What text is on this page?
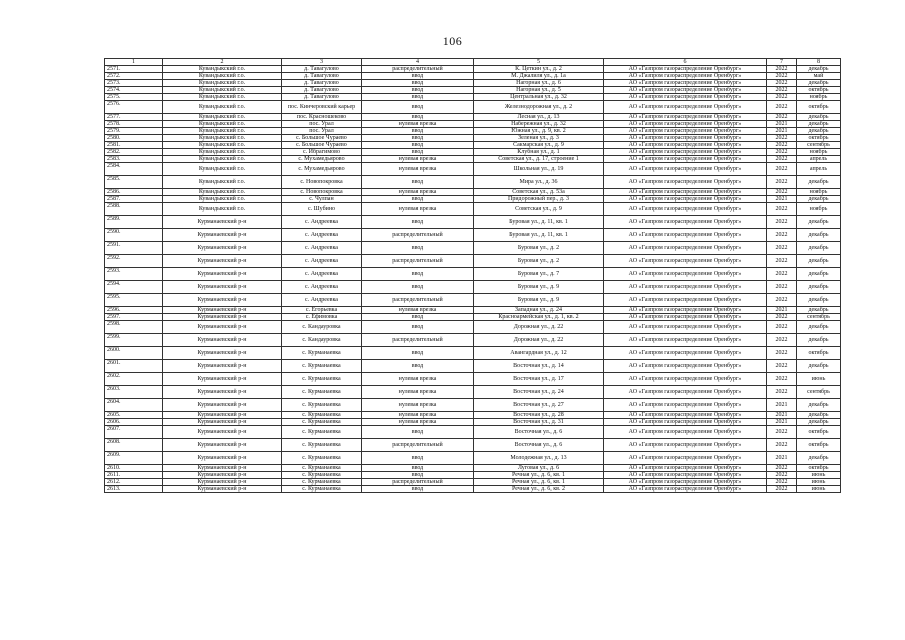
106
1	2	3	4	5	6	7	8
2571.	Кувандыкский г.о.	д. Тавагулово	распределительный	К. Цеткин ул., д. 2	АО «Газпром газораспределение Оренбург»	2022	декабрь
2572.	Кувандыкский г.о.	д. Тавагулово	ввод	М. Джалиля ул., д. 1а	АО «Газпром газораспределение Оренбург»	2022	май
2573.	Кувандыкский г.о.	д. Тавагулово	ввод	Нагорная ул., д. 6	АО «Газпром газораспределение Оренбург»	2022	декабрь
2574.	Кувандыкский г.о.	д. Тавагулово	ввод	Нагорная ул., д. 5	АО «Газпром газораспределение Оренбург»	2022	октябрь
2575.	Кувандыкский г.о.	д. Тавагулово	ввод	Центральная ул., д. 32	АО «Газпром газораспределение Оренбург»	2022	ноябрь
2576.	Кувандыкский г.о.	пос. Кинчеровский карьер	ввод	Железнодорожная ул., д. 2	АО «Газпром газораспределение Оренбург»	2022	октябрь
2577.	Кувандыкский г.о.	пос. Красношеково	ввод	Лесная ул., д. 13	АО «Газпром газораспределение Оренбург»	2022	декабрь
2578.	Кувандыкский г.о.	пос. Урал	нулевая врезка	Набережная ул., д. 32	АО «Газпром газораспределение Оренбург»	2021	декабрь
2579.	Кувандыкский г.о.	пос. Урал	ввод	Южная ул., д. 9, кв. 2	АО «Газпром газораспределение Оренбург»	2021	декабрь
2580.	Кувандыкский г.о.	с. Большое Чураево	ввод	Зеленая ул., д. 3	АО «Газпром газораспределение Оренбург»	2022	октябрь
2581.	Кувандыкский г.о.	с. Большое Чураево	ввод	Сакмарская ул., д. 9	АО «Газпром газораспределение Оренбург»	2022	сентябрь
2582.	Кувандыкский г.о.	с. Ибрагимово	ввод	Клубная ул., д. 1	АО «Газпром газораспределение Оренбург»	2022	ноябрь
2583.	Кувандыкский г.о.	с. Мухамедьярово	нулевая врезка	Советская ул., д. 17, строение 1	АО «Газпром газораспределение Оренбург»	2022	апрель
2584.	Кувандыкский г.о.	с. Мухамедьярово	нулевая врезка	Школьная ул., д. 19	АО «Газпром газораспределение Оренбург»	2022	апрель
2585.	Кувандыкский г.о.	с. Новопокровка	ввод	Мира ул., д. 36	АО «Газпром газораспределение Оренбург»	2022	декабрь
2586.	Кувандыкский г.о.	с. Новопокровка	нулевая врезка	Советская ул., д. 53а	АО «Газпром газораспределение Оренбург»	2022	ноябрь
2587.	Кувандыкский г.о.	с. Чулпан	ввод	Придорожный пер., д. 3	АО «Газпром газораспределение Оренбург»	2021	декабрь
2588.	Кувандыкский г.о.	с. Шубино	нулевая врезка	Советская ул., д. 9	АО «Газпром газораспределение Оренбург»	2022	ноябрь
2589.	Курманаевский р-н	с. Андреевка	ввод	Буровая ул., д. 11, кв. 1	АО «Газпром газораспределение Оренбург»	2022	декабрь
2590.	Курманаевский р-н	с. Андреевка	распределительный	Буровая ул., д. 11, кв. 1	АО «Газпром газораспределение Оренбург»	2022	декабрь
2591.	Курманаевский р-н	с. Андреевка	ввод	Буровая ул., д. 2	АО «Газпром газораспределение Оренбург»	2022	декабрь
2592.	Курманаевский р-н	с. Андреевка	распределительный	Буровая ул., д. 2	АО «Газпром газораспределение Оренбург»	2022	декабрь
2593.	Курманаевский р-н	с. Андреевка	ввод	Буровая ул., д. 7	АО «Газпром газораспределение Оренбург»	2022	декабрь
2594.	Курманаевский р-н	с. Андреевка	ввод	Буровая ул., д. 9	АО «Газпром газораспределение Оренбург»	2022	декабрь
2595.	Курманаевский р-н	с. Андреевка	распределительный	Буровая ул., д. 9	АО «Газпром газораспределение Оренбург»	2022	декабрь
2596.	Курманаевский р-н	с. Егорьевка	нулевая врезка	Западная ул., д. 24	АО «Газпром газораспределение Оренбург»	2021	декабрь
2597.	Курманаевский р-н	с. Ефимовка	ввод	Красноармейская ул., д. 1, кв. 2	АО «Газпром газораспределение Оренбург»	2022	сентябрь
2598.	Курманаевский р-н	с. Кандауровка	ввод	Дорожная ул., д. 22	АО «Газпром газораспределение Оренбург»	2022	декабрь
2599.	Курманаевский р-н	с. Кандауровка	распределительный	Дорожная ул., д. 22	АО «Газпром газораспределение Оренбург»	2022	декабрь
2600.	Курманаевский р-н	с. Курманаевка	ввод	Авангардная ул., д. 12	АО «Газпром газораспределение Оренбург»	2022	октябрь
2601.	Курманаевский р-н	с. Курманаевка	ввод	Восточная ул., д. 14	АО «Газпром газораспределение Оренбург»	2022	декабрь
2602.	Курманаевский р-н	с. Курманаевка	нулевая врезка	Восточная ул., д. 17	АО «Газпром газораспределение Оренбург»	2022	июнь
2603.	Курманаевский р-н	с. Курманаевка	нулевая врезка	Восточная ул., д. 24	АО «Газпром газораспределение Оренбург»	2022	сентябрь
2604.	Курманаевский р-н	с. Курманаевка	нулевая врезка	Восточная ул., д. 27	АО «Газпром газораспределение Оренбург»	2021	декабрь
2605.	Курманаевский р-н	с. Курманаевка	нулевая врезка	Восточная ул., д. 28	АО «Газпром газораспределение Оренбург»	2021	декабрь
2606.	Курманаевский р-н	с. Курманаевка	нулевая врезка	Восточная ул., д. 31	АО «Газпром газораспределение Оренбург»	2021	декабрь
2607.	Курманаевский р-н	с. Курманаевка	ввод	Восточная ул., д. 6	АО «Газпром газораспределение Оренбург»	2022	октябрь
2608.	Курманаевский р-н	с. Курманаевка	распределительный	Восточная ул., д. 6	АО «Газпром газораспределение Оренбург»	2022	октябрь
2609.	Курманаевский р-н	с. Курманаевка	ввод	Молодежная ул., д. 13	АО «Газпром газораспределение Оренбург»	2021	декабрь
2610.	Курманаевский р-н	с. Курманаевка	ввод	Луговая ул., д. 6	АО «Газпром газораспределение Оренбург»	2022	октябрь
2611.	Курманаевский р-н	с. Курманаевка	ввод	Речная ул., д. 6, кв. 1	АО «Газпром газораспределение Оренбург»	2022	июнь
2612.	Курманаевский р-н	с. Курманаевка	распределительный	Речная ул., д. 6, кв. 1	АО «Газпром газораспределение Оренбург»	2022	июнь
2613.	Курманаевский р-н	с. Курманаевка	ввод	Речная ул., д. 6, кв. 2	АО «Газпром газораспределение Оренбург»	2022	июнь
